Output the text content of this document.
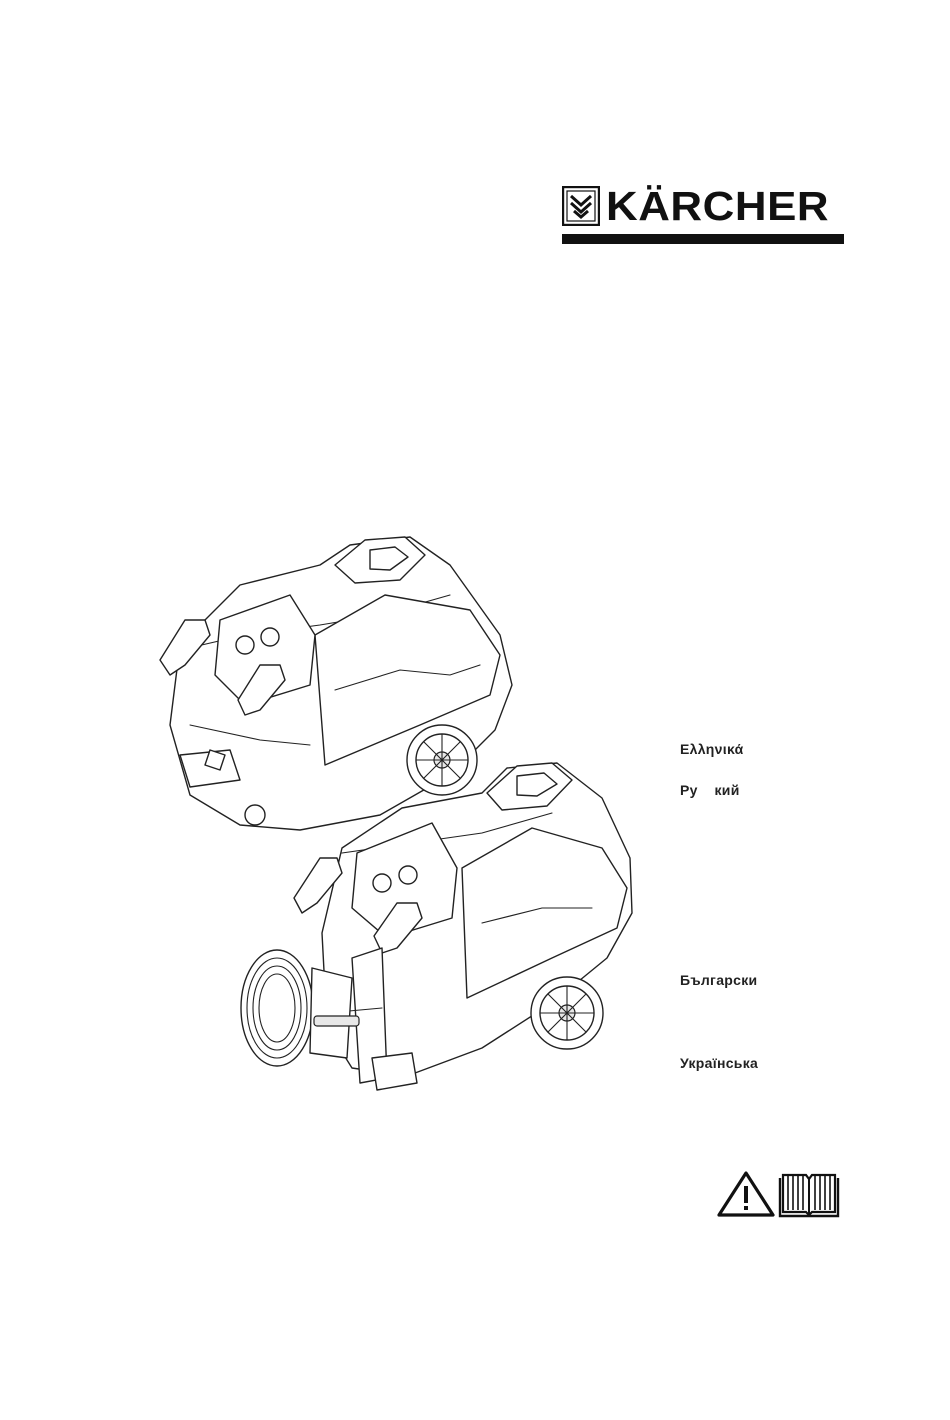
KÄRCHER
Ελληνικά
Ру    кий
Български
Українська
